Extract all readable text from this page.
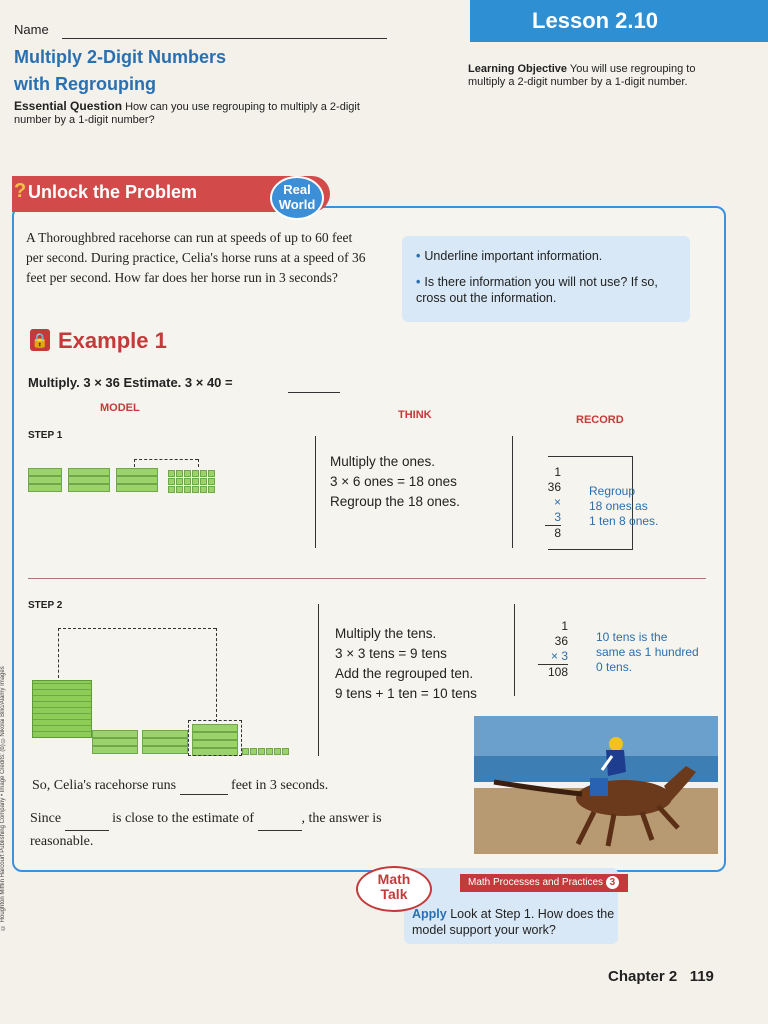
Lesson 2.10
Name
Multiply 2-Digit Numbers
with Regrouping
Essential Question How can you use regrouping to multiply a 2-digit number by a 1-digit number?
Learning Objective You will use regrouping to multiply a 2-digit number by a 1-digit number.
? Unlock the Problem	Real
World
A Thoroughbred racehorse can run at speeds of up to 60 feet per second. During practice, Celia's horse runs at a speed of 36 feet per second. How far does her horse run in 3 seconds?
• Underline important information.
• Is there information you will not use? If so, cross out the information.
🔒 Example 1
Multiply. 3 × 36 Estimate. 3 × 40 =
MODEL
THINK	RECORD
STEP 1
Multiply the ones.
3 × 6 ones = 18 ones
Regroup the 18 ones.
1
36
× 3
8
Regroup
18 ones as
1 ten 8 ones.
STEP 2
Multiply the tens.
3 × 3 tens = 9 tens
Add the regrouped ten.
9 tens + 1 ten = 10 tens
1
36
× 3
108
10 tens is the
same as 1 hundred
0 tens.
So, Celia's racehorse runs	feet in 3 seconds.
Since	is close to the estimate of	, the answer is reasonable.
Math Processes and Practices 3
Math
Talk
Apply Look at Step 1. How does the model support your work?
Chapter 2 119
© Houghton Mifflin Harcourt Publishing Company • Image Credits: (b) ©Nikolai Bilic/Alamy Images
